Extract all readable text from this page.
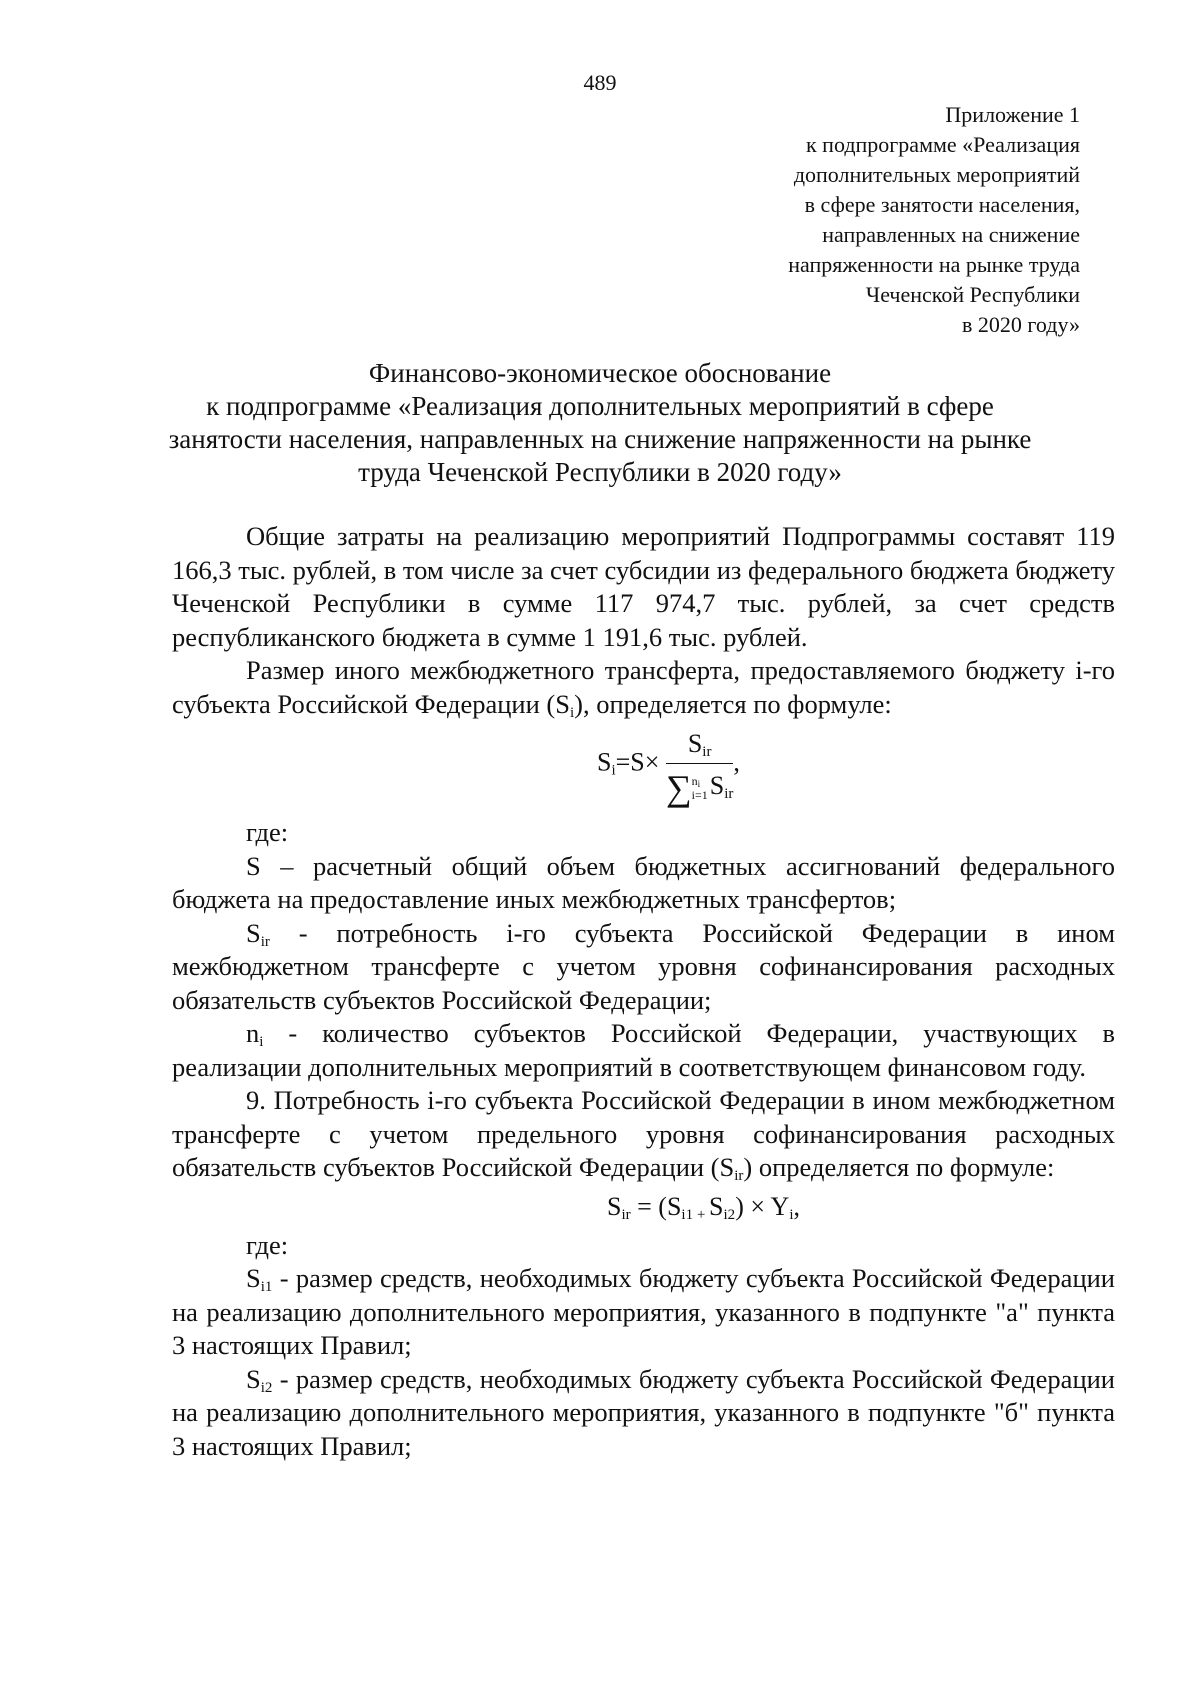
489
Приложение 1
к подпрограмме «Реализация
дополнительных мероприятий
в сфере занятости населения,
направленных на снижение
напряженности на рынке труда
Чеченской Республики
в 2020 году»
Финансово-экономическое обоснование
к подпрограмме «Реализация дополнительных мероприятий в сфере
занятости населения, направленных на снижение напряженности на рынке
труда Чеченской Республики в 2020 году»

Общие затраты на реализацию мероприятий Подпрограммы составят 119 166,3 тыс. рублей, в том числе за счет субсидии из федерального бюджета бюджету Чеченской Республики в сумме 117 974,7 тыс. рублей, за счет средств республиканского бюджета в сумме 1 191,6 тыс. рублей.

Размер иного межбюджетного трансферта, предоставляемого бюджету i-го субъекта Российской Федерации $(S_i)$, определяется по формуле:

$S_i=S\times$
$S_{ir}$
$\sum n_i$
$i=1S_{ir}$
,

где:

S – расчетный общий объем бюджетных ассигнований федерального бюджета на предоставление иных межбюджетных трансфертов;

$S_{ir}$ - потребность i-го субъекта Российской Федерации в ином межбюджетном трансферте с учетом уровня софинансирования расходных обязательств субъектов Российской Федерации;

$n_i$ - количество субъектов Российской Федерации, участвующих в реализации дополнительных мероприятий в соответствующем финансовом году.

9. Потребность i-го субъекта Российской Федерации в ином межбюджетном трансферте с учетом предельного уровня софинансирования расходных обязательств субъектов Российской Федерации $(S_{ir})$ определяется по формуле:

$S_{ir} = (S_{i1 +}$ $S_{i2}) \times Y_i$,

где:

$S_{i1}$ - размер средств, необходимых бюджету субъекта Российской Федерации на реализацию дополнительного мероприятия, указанного в подпункте "а" пункта 3 настоящих Правил;

$S_{i2}$ - размер средств, необходимых бюджету субъекта Российской Федерации на реализацию дополнительного мероприятия, указанного в подпункте "б" пункта 3 настоящих Правил;
